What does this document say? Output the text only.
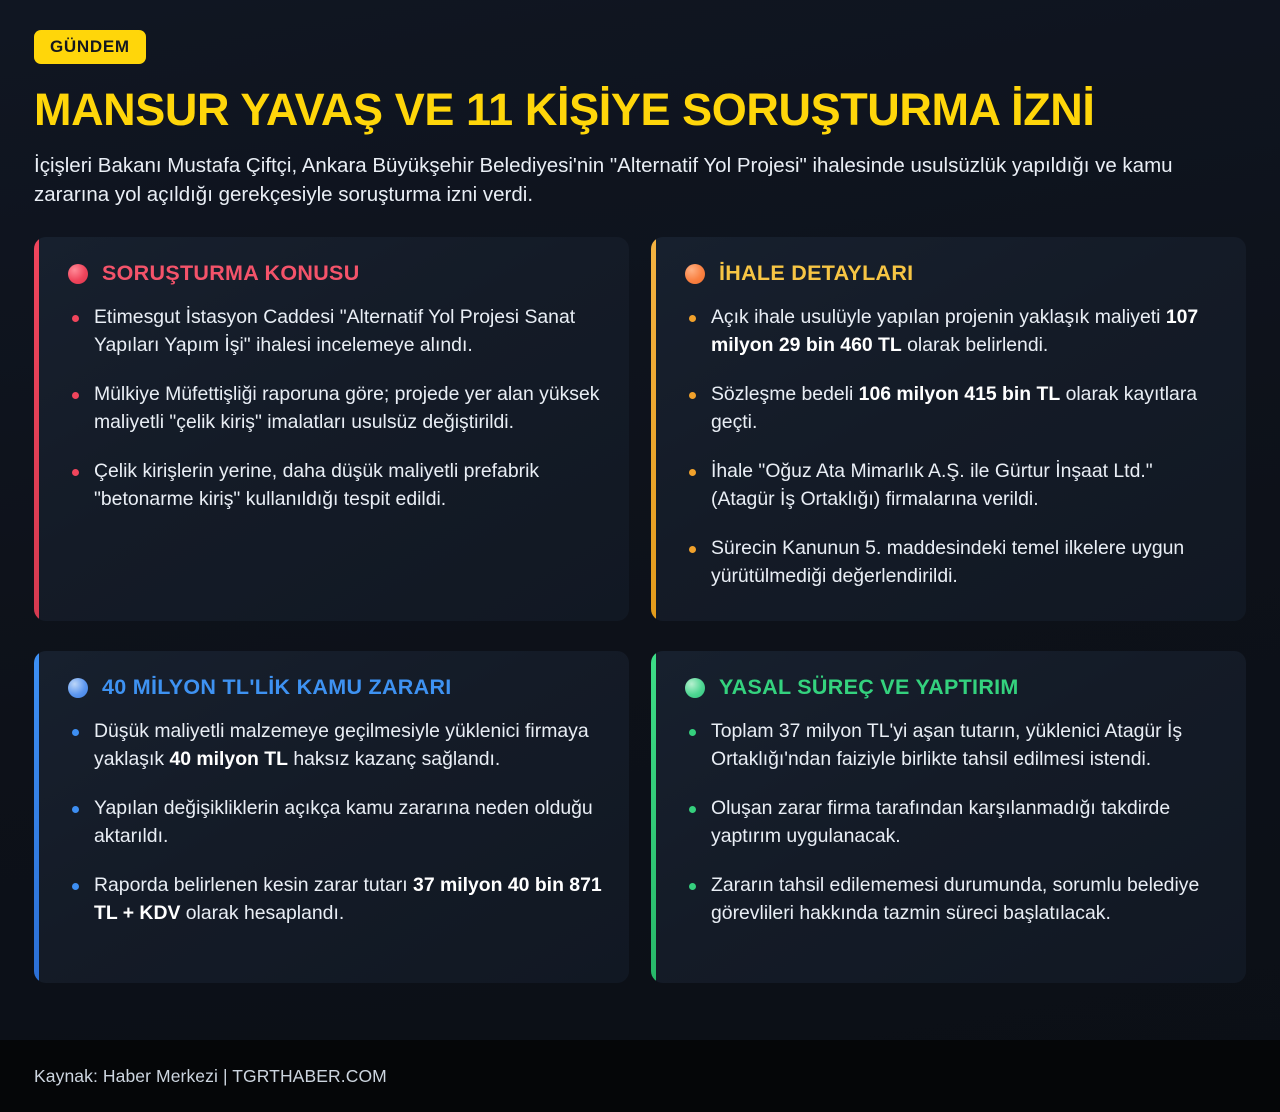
GÜNDEM
MANSUR YAVAŞ VE 11 KİŞİYE SORUŞTURMA İZNİ

İçişleri Bakanı Mustafa Çiftçi, Ankara Büyükşehir Belediyesi'nin "Alternatif Yol Projesi" ihalesinde usulsüzlük yapıldığı ve kamu zararına yol açıldığı gerekçesiyle soruşturma izni verdi.

SORUŞTURMA KONUSU
Etimesgut İstasyon Caddesi "Alternatif Yol Projesi Sanat Yapıları Yapım İşi" ihalesi incelemeye alındı.
Mülkiye Müfettişliği raporuna göre; projede yer alan yüksek maliyetli "çelik kiriş" imalatları usulsüz değiştirildi.
Çelik kirişlerin yerine, daha düşük maliyetli prefabrik "betonarme kiriş" kullanıldığı tespit edildi.
İHALE DETAYLARI
Açık ihale usulüyle yapılan projenin yaklaşık maliyeti 107 milyon 29 bin 460 TL olarak belirlendi.
Sözleşme bedeli 106 milyon 415 bin TL olarak kayıtlara geçti.
İhale "Oğuz Ata Mimarlık A.Ş. ile Gürtur İnşaat Ltd." (Atagür İş Ortaklığı) firmalarına verildi.
Sürecin Kanunun 5. maddesindeki temel ilkelere uygun yürütülmediği değerlendirildi.
40 MİLYON TL'LİK KAMU ZARARI
Düşük maliyetli malzemeye geçilmesiyle yüklenici firmaya yaklaşık 40 milyon TL haksız kazanç sağlandı.
Yapılan değişikliklerin açıkça kamu zararına neden olduğu aktarıldı.
Raporda belirlenen kesin zarar tutarı 37 milyon 40 bin 871 TL + KDV olarak hesaplandı.
YASAL SÜREÇ VE YAPTIRIM
Toplam 37 milyon TL'yi aşan tutarın, yüklenici Atagür İş Ortaklığı'ndan faiziyle birlikte tahsil edilmesi istendi.
Oluşan zarar firma tarafından karşılanmadığı takdirde yaptırım uygulanacak.
Zararın tahsil edilememesi durumunda, sorumlu belediye görevlileri hakkında tazmin süreci başlatılacak.
Kaynak: Haber Merkezi | TGRTHABER.COM
